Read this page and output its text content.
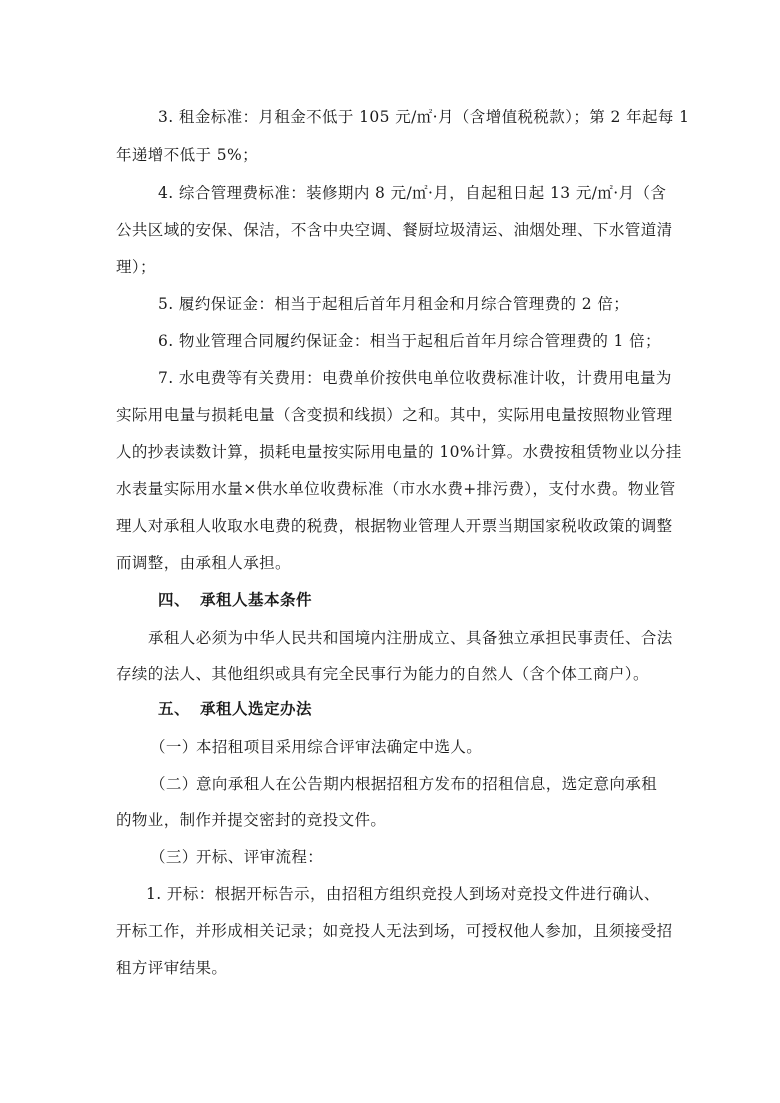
3. 租金标准：月租金不低于 105 元/㎡·月（含增值税税款）；第 2 年起每 1
年递增不低于 5%；
4. 综合管理费标准：装修期内 8 元/㎡·月，自起租日起 13 元/㎡·月（含
公共区域的安保、保洁，不含中央空调、餐厨垃圾清运、油烟处理、下水管道清
理）；
5. 履约保证金：相当于起租后首年月租金和月综合管理费的 2 倍；
6. 物业管理合同履约保证金：相当于起租后首年月综合管理费的 1 倍；
7. 水电费等有关费用：电费单价按供电单位收费标准计收，计费用电量为
实际用电量与损耗电量（含变损和线损）之和。其中，实际用电量按照物业管理
人的抄表读数计算，损耗电量按实际用电量的 10%计算。水费按租赁物业以分挂
水表量实际用水量×供水单位收费标准（市水水费+排污费），支付水费。物业管
理人对承租人收取水电费的税费，根据物业管理人开票当期国家税收政策的调整
而调整，由承租人承担。
四、 承租人基本条件
承租人必须为中华人民共和国境内注册成立、具备独立承担民事责任、合法
存续的法人、其他组织或具有完全民事行为能力的自然人（含个体工商户）。
五、 承租人选定办法
（一）本招租项目采用综合评审法确定中选人。
（二）意向承租人在公告期内根据招租方发布的招租信息，选定意向承租
的物业，制作并提交密封的竞投文件。
（三）开标、评审流程：
1. 开标：根据开标告示，由招租方组织竞投人到场对竞投文件进行确认、
开标工作，并形成相关记录；如竞投人无法到场，可授权他人参加，且须接受招
租方评审结果。
